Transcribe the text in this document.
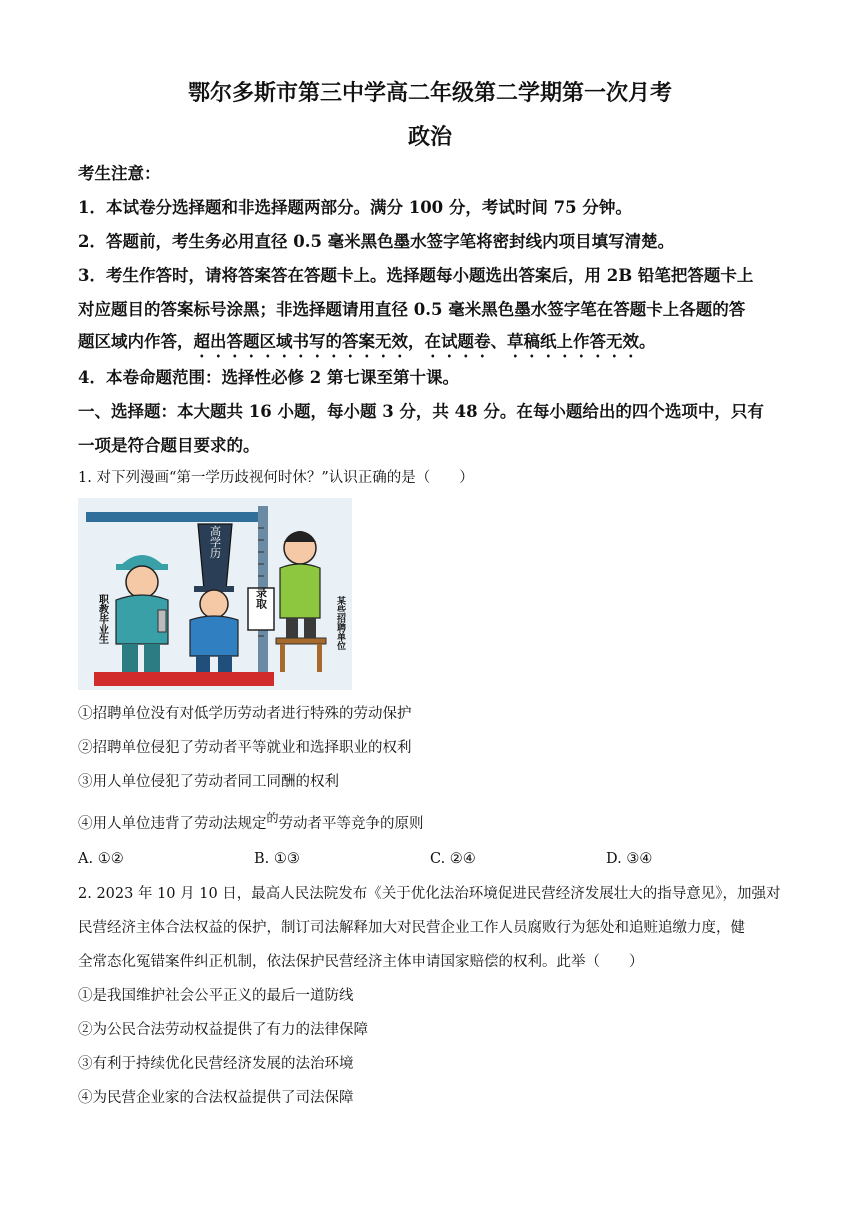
鄂尔多斯市第三中学高二年级第二学期第一次月考
政治
考生注意：
1．本试卷分选择题和非选择题两部分。满分 100 分，考试时间 75 分钟。
2．答题前，考生务必用直径 0.5 毫米黑色墨水签字笔将密封线内项目填写清楚。
3．考生作答时，请将答案答在答题卡上。选择题每小题选出答案后，用 2B 铅笔把答题卡上
对应题目的答案标号涂黑；非选择题请用直径 0.5 毫米黑色墨水签字笔在答题卡上各题的答
题区域内作答，超出答题区域书写的答案无效，在试题卷、草稿纸上作答无效。
4．本卷命题范围：选择性必修 2 第七课至第十课。
一、选择题：本大题共 16 小题，每小题 3 分，共 48 分。在每小题给出的四个选项中，只有
一项是符合题目要求的。
1. 对下列漫画“第一学历歧视何时休？”认识正确的是（　　）
高学历
录取
职教毕业生	某些招聘单位
①招聘单位没有对低学历劳动者进行特殊的劳动保护
②招聘单位侵犯了劳动者平等就业和选择职业的权利
③用人单位侵犯了劳动者同工同酬的权利
④用人单位违背了劳动法规定$^的$劳动者平等竞争的原则
A. ①②	B. ①③	C. ②④	D. ③④
2. 2023 年 10 月 10 日，最高人民法院发布《关于优化法治环境促进民营经济发展壮大的指导意见》，加强对
民营经济主体合法权益的保护，制订司法解释加大对民营企业工作人员腐败行为惩处和追赃追缴力度，健
全常态化冤错案件纠正机制，依法保护民营经济主体申请国家赔偿的权利。此举（　　）
①是我国维护社会公平正义的最后一道防线
②为公民合法劳动权益提供了有力的法律保障
③有利于持续优化民营经济发展的法治环境
④为民营企业家的合法权益提供了司法保障
